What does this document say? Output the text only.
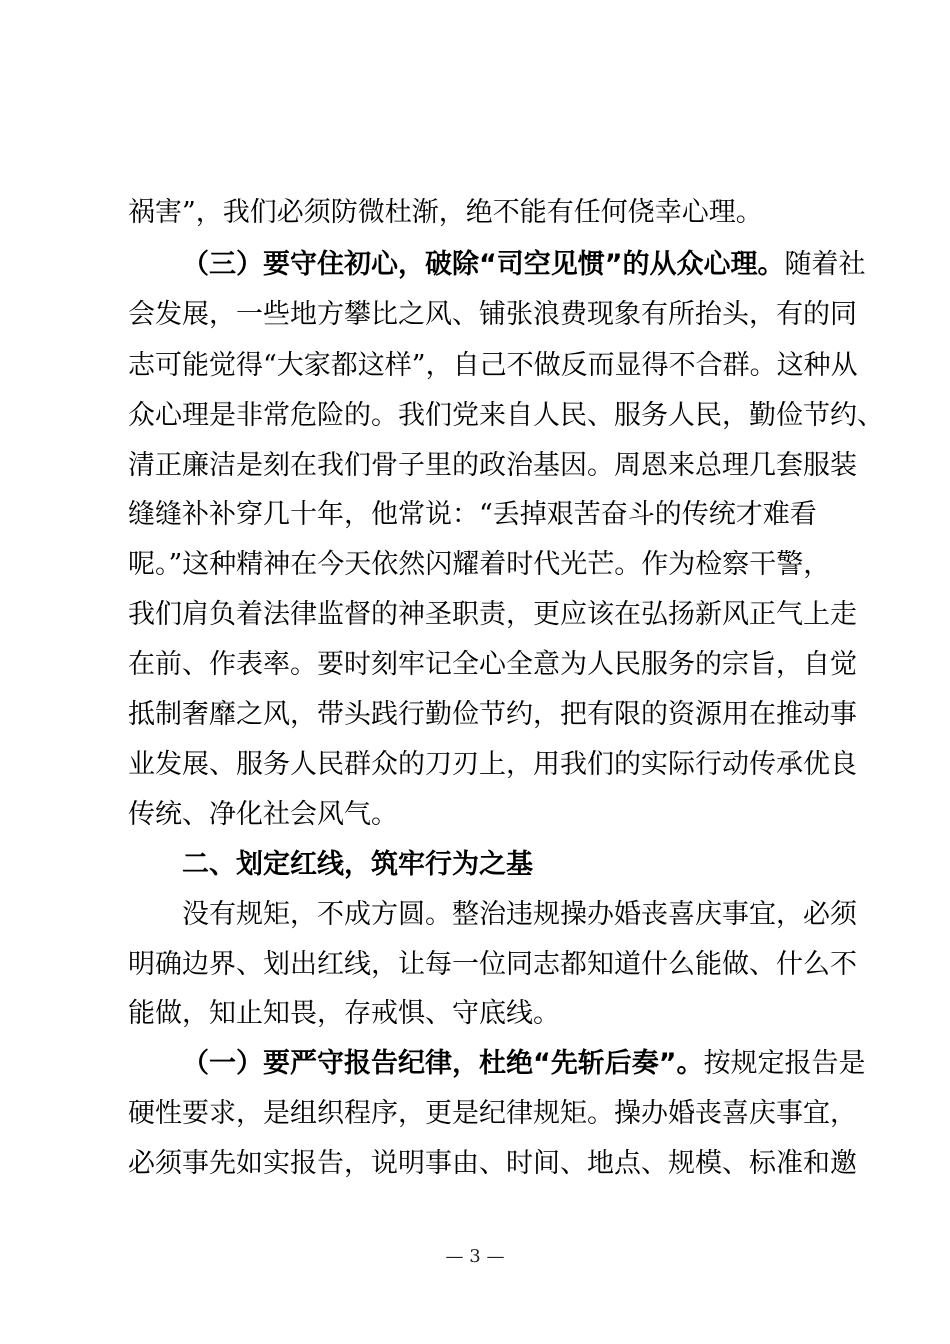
祸害”，我们必须防微杜渐，绝不能有任何侥幸心理。
（三）要守住初心，破除“司空见惯”的从众心理。随着社
会发展，一些地方攀比之风、铺张浪费现象有所抬头，有的同
志可能觉得“大家都这样”，自己不做反而显得不合群。这种从
众心理是非常危险的。我们党来自人民、服务人民，勤俭节约、
清正廉洁是刻在我们骨子里的政治基因。周恩来总理几套服装
缝缝补补穿几十年，他常说：“丢掉艰苦奋斗的传统才难看
呢。”这种精神在今天依然闪耀着时代光芒。作为检察干警，
我们肩负着法律监督的神圣职责，更应该在弘扬新风正气上走
在前、作表率。要时刻牢记全心全意为人民服务的宗旨，自觉
抵制奢靡之风，带头践行勤俭节约，把有限的资源用在推动事
业发展、服务人民群众的刀刃上，用我们的实际行动传承优良
传统、净化社会风气。
二、划定红线，筑牢行为之基
没有规矩，不成方圆。整治违规操办婚丧喜庆事宜，必须
明确边界、划出红线，让每一位同志都知道什么能做、什么不
能做，知止知畏，存戒惧、守底线。
（一）要严守报告纪律，杜绝“先斩后奏”。按规定报告是
硬性要求，是组织程序，更是纪律规矩。操办婚丧喜庆事宜，
必须事先如实报告，说明事由、时间、地点、规模、标准和邀
— 3 —
